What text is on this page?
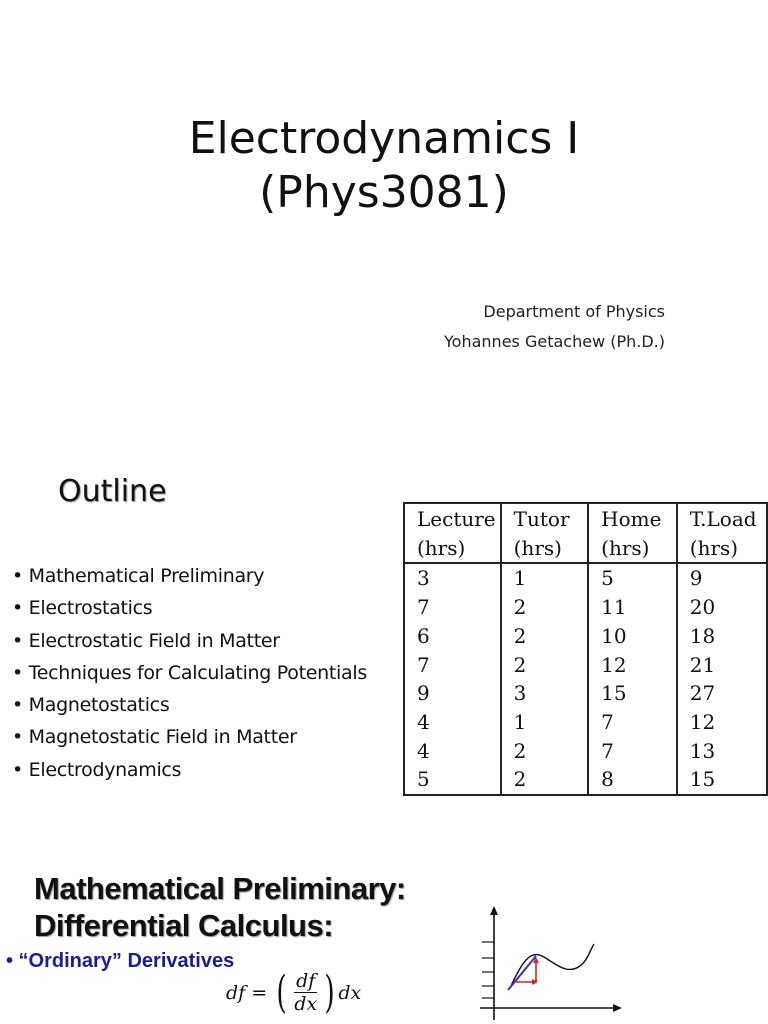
Electrodynamics I
(Phys3081)
Department of Physics
Yohannes Getachew (Ph.D.)
Outline
• Mathematical Preliminary
• Electrostatics
• Electrostatic Field in Matter
• Techniques for Calculating Potentials
• Magnetostatics
• Magnetostatic Field in Matter
• Electrodynamics
Lecture	Tutor	Home	T.Load
(hrs)	(hrs)	(hrs)	(hrs)
3	1	5	9
7	2	11	20
6	2	10	18
7	2	12	21
9	3	15	27
4	1	7	12
4	2	7	13
5	2	8	15
Mathematical Preliminary:
Differential Calculus:
• “Ordinary” Derivatives
df = ( $\frac{df}{dx}$ ) dx
